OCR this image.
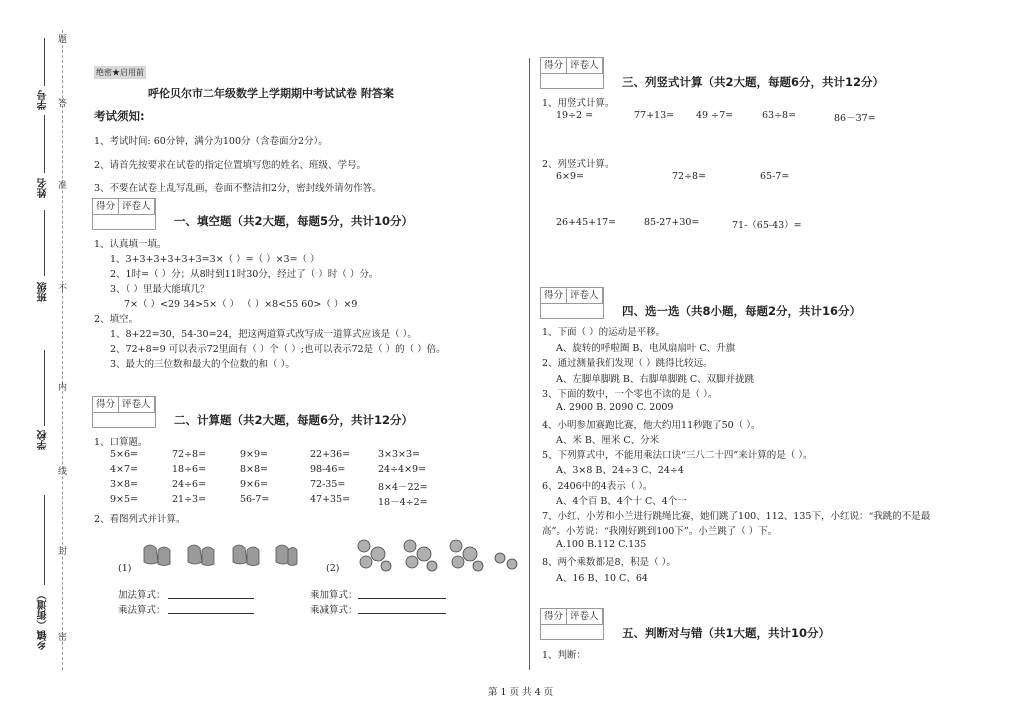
题
答
准
不
内
线
封
密
学号
姓名
班级
学校
乡镇（街道）
绝密★启用前
呼伦贝尔市二年级数学上学期期中考试试卷 附答案
考试须知:
1、考试时间: 60分钟，满分为100分（含卷面分2分）。
2、请首先按要求在试卷的指定位置填写您的姓名、班级、学号。
3、不要在试卷上乱写乱画，卷面不整洁扣2分，密封线外请勿作答。
得分 评卷人
一、填空题（共2大题，每题5分，共计10分）
1、认真填一填。
1、3+3+3+3+3+3=3×（ ）=（ ）×3=（ ）
2、1时=（ ）分；从8时到11时30分，经过了（ ）时（ ）分。
3、（ ）里最大能填几？
7×（ ）<29 34>5×（ ） （ ）×8<55 60>（ ）×9
2、填空。
1、8+22=30，54-30=24，把这两道算式改写成一道算式应该是（ ）。
2、72+8=9 可以表示72里面有（ ）个（ ）;也可以表示72是（ ）的（ ）倍。
3、最大的三位数和最大的个位数的和（ ）。
得分 评卷人
二、计算题（共2大题，每题6分，共计12分）
1、口算题。
5×6=	72÷8=	9×9=	22+36=	3×3×3=
4×7=	18÷6=	8×8=	98-46=	24÷4×9=
3×8=	24÷6=	9×6=	72-35=	8×4－22=
9×5=	21÷3=	56-7=	47+35=	18－4÷2=
2、看图列式并计算。
(1)	(2)
加法算式：
乘法算式：
乘加算式：
乘减算式：
得分 评卷人
三、列竖式计算（共2大题，每题6分，共计12分）
1、用竖式计算。
19÷2 =	77+13= 49 ÷7=	63÷8=	86－37=
2、列竖式计算。
6×9=	72÷8=	65-7=
26+45+17=	85-27+30=	71-（65-43）=
得分 评卷人
四、选一选（共8小题，每题2分，共计16分）
1、下面（ ）的运动是平移。
A、旋转的呼啦圈 B、电风扇扇叶 C、升旗
2、通过测量我们发现（ ）跳得比较远。
A、左脚单脚跳 B、右脚单脚跳 C、双脚并拢跳
3、下面的数中，一个零也不读的是（ ）。
A. 2900 B. 2090 C. 2009
4、小明参加赛跑比赛，他大约用11秒跑了50（ ）。
A、米 B、厘米 C、分米
5、下列算式中，不能用乘法口诀“三八二十四”来计算的是（ ）。
A、3×8 B、24÷3 C、24÷4
6、2406中的4表示（ ）。
A、4个百 B、4个十 C、4个一
7、小红、小芳和小兰进行跳绳比赛，她们跳了100、112、135下，小红说：“我跳的不是最
高”。小芳说：“我刚好跳到100下”。小兰跳了（ ）下。
A.100 B.112 C.135
8、两个乘数都是8，积是（ ）。
A、16 B、10 C、64
得分 评卷人
五、判断对与错（共1大题，共计10分）
1、判断：
第 1 页 共 4 页
